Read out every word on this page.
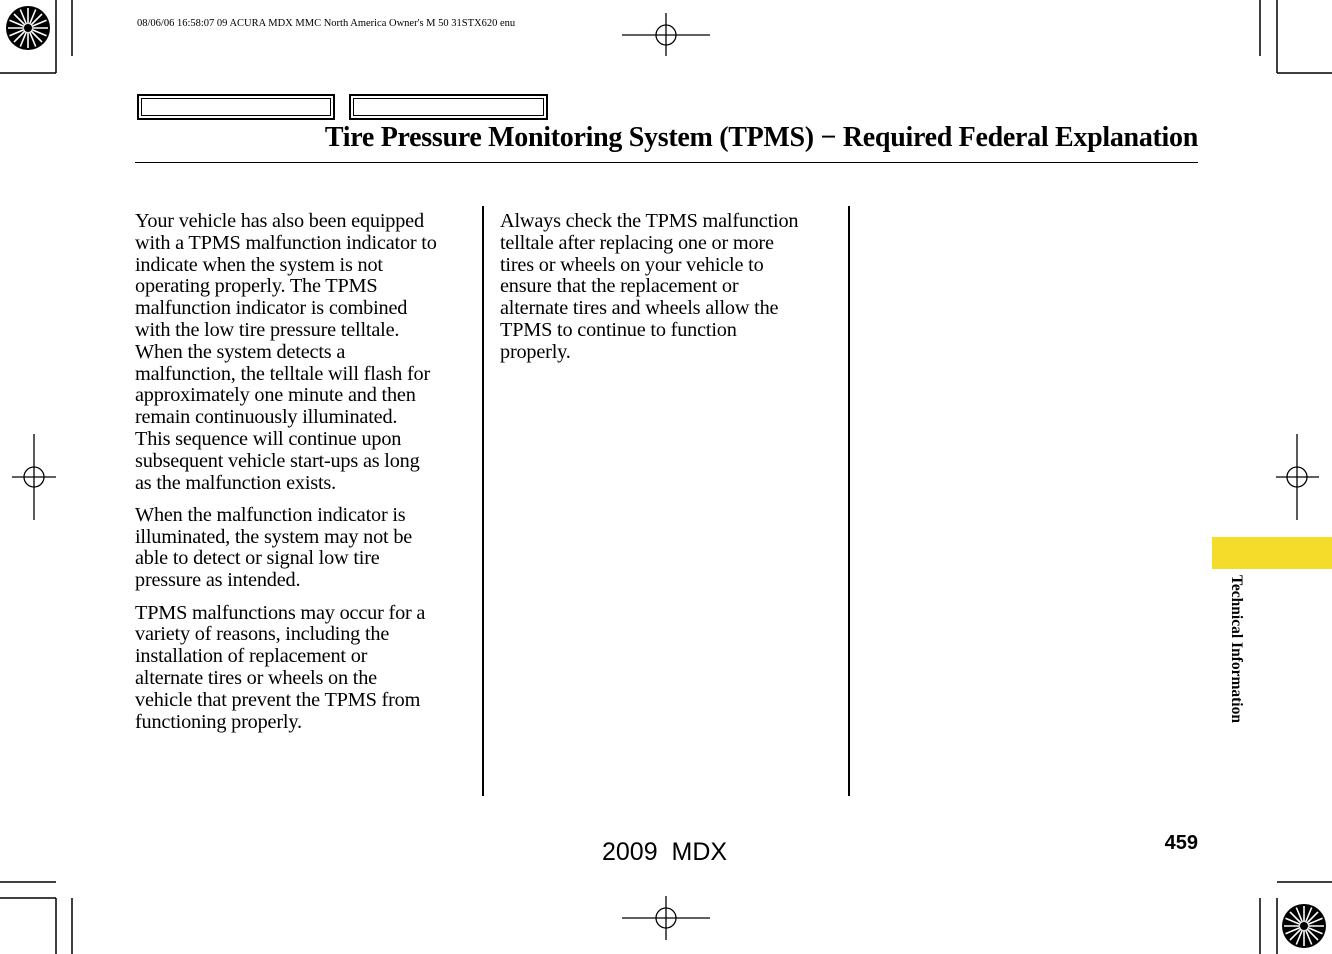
08/06/06 16:58:07 09 ACURA MDX MMC North America Owner's M 50 31STX620 enu
Tire Pressure Monitoring System (TPMS) − Required Federal Explanation

Your vehicle has also been equipped
with a TPMS malfunction indicator to
indicate when the system is not
operating properly. The TPMS
malfunction indicator is combined
with the low tire pressure telltale.
When the system detects a
malfunction, the telltale will flash for
approximately one minute and then
remain continuously illuminated.
This sequence will continue upon
subsequent vehicle start-ups as long
as the malfunction exists.

When the malfunction indicator is
illuminated, the system may not be
able to detect or signal low tire
pressure as intended.

TPMS malfunctions may occur for a
variety of reasons, including the
installation of replacement or
alternate tires or wheels on the
vehicle that prevent the TPMS from
functioning properly.

Always check the TPMS malfunction
telltale after replacing one or more
tires or wheels on your vehicle to
ensure that the replacement or
alternate tires and wheels allow the
TPMS to continue to function
properly.

Technical Information
459
2009  MDX
